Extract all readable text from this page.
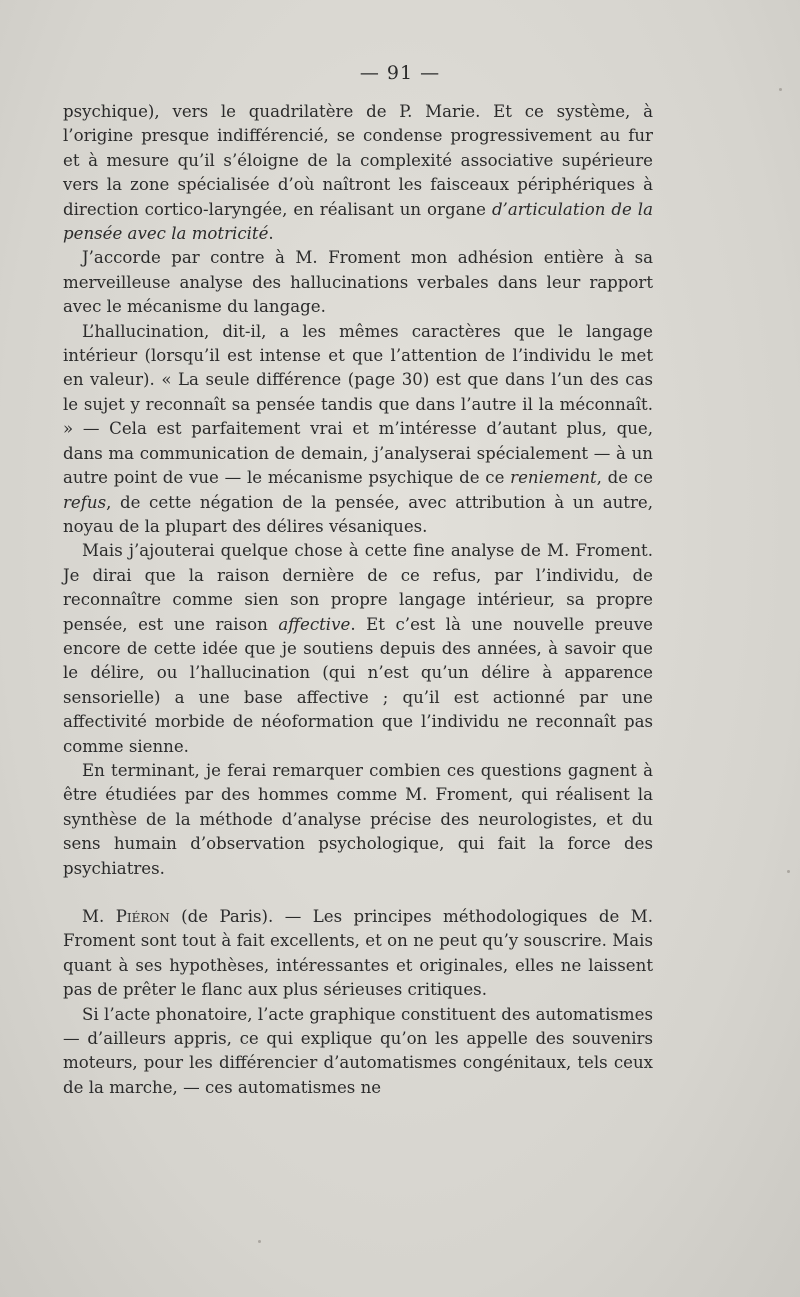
— 91 —

psychique), vers le quadrilatère de P. Marie. Et ce système, à l’origine presque indifférencié, se condense progressivement au fur et à mesure qu’il s’éloigne de la complexité associative supérieure vers la zone spécialisée d’où naîtront les faisceaux périphériques à direction cortico-laryngée, en réalisant un organe d’articulation de la pensée avec la motricité.

J’accorde par contre à M. Froment mon adhésion entière à sa merveilleuse analyse des hallucinations verbales dans leur rapport avec le mécanisme du langage.

L’hallucination, dit-il, a les mêmes caractères que le langage intérieur (lorsqu’il est intense et que l’attention de l’individu le met en valeur). « La seule différence (page 30) est que dans l’un des cas le sujet y reconnaît sa pensée tandis que dans l’autre il la méconnaît. » — Cela est parfaitement vrai et m’intéresse d’autant plus, que, dans ma communication de demain, j’analyserai spécialement — à un autre point de vue — le mécanisme psychique de ce reniement, de ce refus, de cette négation de la pensée, avec attribution à un autre, noyau de la plupart des délires vésaniques.

Mais j’ajouterai quelque chose à cette fine analyse de M. Froment. Je dirai que la raison dernière de ce refus, par l’individu, de reconnaître comme sien son propre langage intérieur, sa propre pensée, est une raison affective. Et c’est là une nouvelle preuve encore de cette idée que je soutiens depuis des années, à savoir que le délire, ou l’hallucination (qui n’est qu’un délire à apparence sensorielle) a une base affective ; qu’il est actionné par une affectivité morbide de néoformation que l’individu ne reconnaît pas comme sienne.

En terminant, je ferai remarquer combien ces questions gagnent à être étudiées par des hommes comme M. Froment, qui réalisent la synthèse de la méthode d’analyse précise des neurologistes, et du sens humain d’observation psychologique, qui fait la force des psychiatres.

M. Piéron (de Paris). — Les principes méthodologiques de M. Froment sont tout à fait excellents, et on ne peut qu’y souscrire. Mais quant à ses hypothèses, intéressantes et originales, elles ne laissent pas de prêter le flanc aux plus sérieuses critiques.

Si l’acte phonatoire, l’acte graphique constituent des automatismes — d’ailleurs appris, ce qui explique qu’on les appelle des souvenirs moteurs, pour les différencier d’automatismes congénitaux, tels ceux de la marche, — ces automatismes ne
